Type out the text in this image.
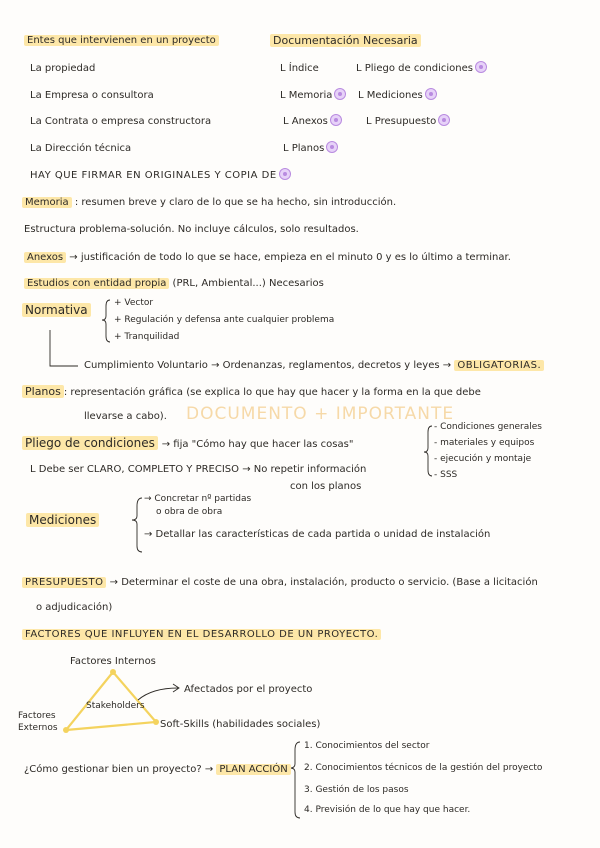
Entes que intervienen en un proyecto	Documentación Necesaria
La propiedad
La Empresa o consultora
La Contrata o empresa constructora
La Dirección técnica
L Índice
L Memoria
L Anexos
L Planos
L Pliego de condiciones
L Mediciones
L Presupuesto
HAY QUE FIRMAR EN ORIGINALES Y COPIA DE
Memoria : resumen breve y claro de lo que se ha hecho, sin introducción.
Estructura problema-solución. No incluye cálculos, solo resultados.
Anexos → justificación de todo lo que se hace, empieza en el minuto 0 y es lo último a terminar.
Estudios con entidad propia (PRL, Ambiental...) Necesarios
Normativa	+ Vector
+ Regulación y defensa ante cualquier problema
+ Tranquilidad
Cumplimiento Voluntario → Ordenanzas, reglamentos, decretos y leyes → OBLIGATORIAS.
Planos : representación gráfica (se explica lo que hay que hacer y la forma en la que debe
llevarse a cabo). DOCUMENTO + IMPORTANTE
Pliego de condiciones → fija "Cómo hay que hacer las cosas"
- Condiciones generales
- materiales y equipos
- ejecución y montaje
- SSS
L Debe ser CLARO, COMPLETO Y PRECISO → No repetir información
con los planos
Mediciones
→ Concretar nº partidas
o obra de obra
→ Detallar las características de cada partida o unidad de instalación
PRESUPUESTO → Determinar el coste de una obra, instalación, producto o servicio. (Base a licitación
o adjudicación)
FACTORES QUE INFLUYEN EN EL DESARROLLO DE UN PROYECTO.
Factores Internos
Factores Externos
Stakeholders
Afectados por el proyecto
Soft-Skills (habilidades sociales)
¿Cómo gestionar bien un proyecto? → PLAN ACCIÓN
1. Conocimientos del sector
2. Conocimientos técnicos de la gestión del proyecto
3. Gestión de los pasos
4. Previsión de lo que hay que hacer.
